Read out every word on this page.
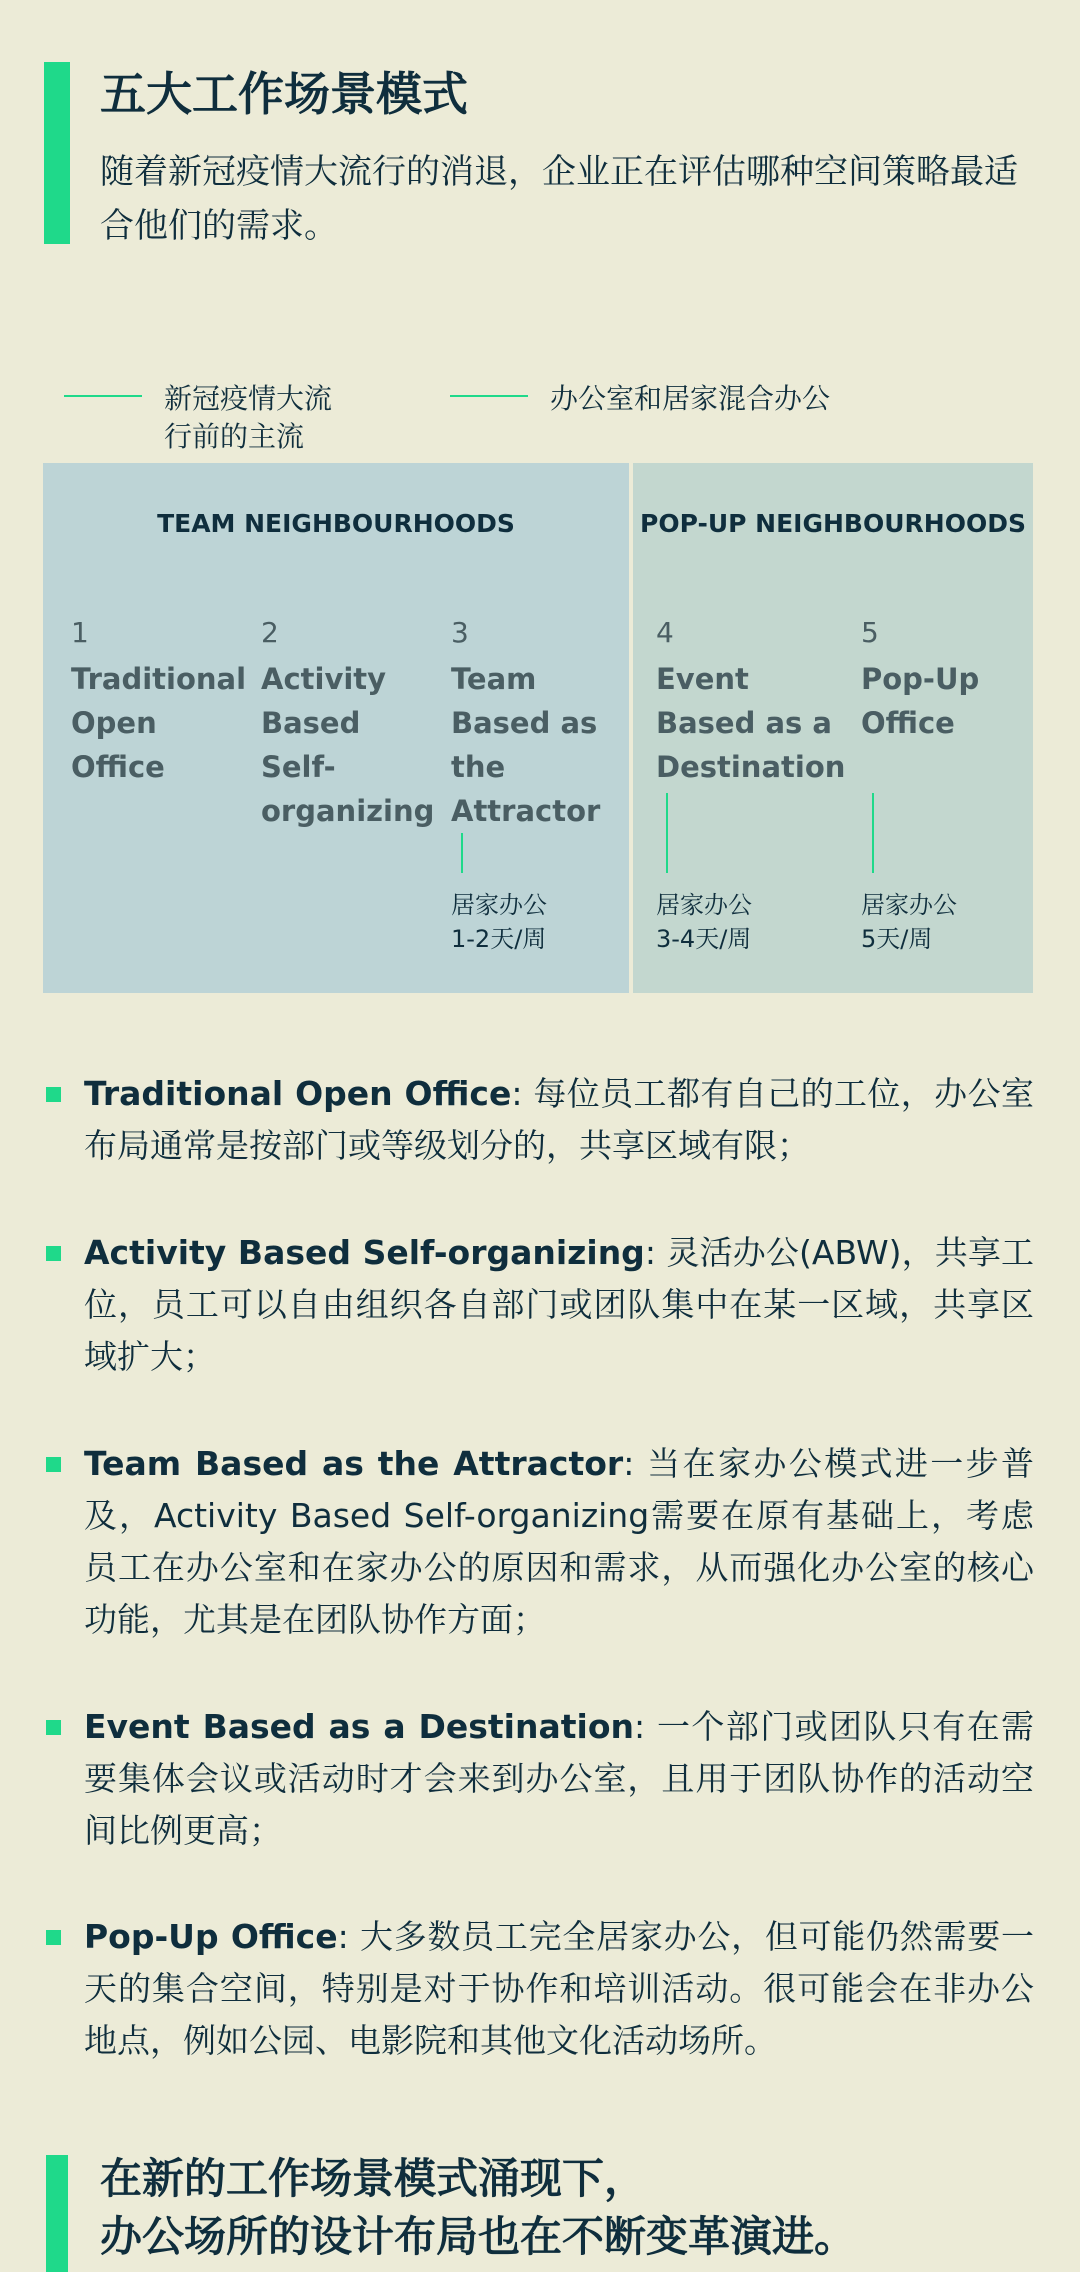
五大工作场景模式
随着新冠疫情大流行的消退，企业正在评估哪种空间策略最适合他们的需求。
新冠疫情大流
行前的主流
办公室和居家混合办公
TEAM NEIGHBOURHOODS
1
Traditional
Open
Office
2
Activity
Based
Self-
organizing
3
Team
Based as
the
Attractor
居家办公
1-2天/周
POP-UP NEIGHBOURHOODS
4
Event
Based as a
Destination
5
Pop-Up
Office
居家办公
3-4天/周
居家办公
5天/周
Traditional Open Office: 每位员工都有自己的工位，办公室布局通常是按部门或等级划分的，共享区域有限；
Activity Based Self-organizing: 灵活办公(ABW)，共享工位，员工可以自由组织各自部门或团队集中在某一区域，共享区域扩大；
Team Based as the Attractor: 当在家办公模式进一步普及，Activity Based Self-organizing需要在原有基础上，考虑员工在办公室和在家办公的原因和需求，从而强化办公室的核心功能，尤其是在团队协作方面；
Event Based as a Destination: 一个部门或团队只有在需要集体会议或活动时才会来到办公室，且用于团队协作的活动空间比例更高；
Pop-Up Office: 大多数员工完全居家办公，但可能仍然需要一天的集合空间，特别是对于协作和培训活动。很可能会在非办公地点，例如公园、电影院和其他文化活动场所。
在新的工作场景模式涌现下，
办公场所的设计布局也在不断变革演进。
